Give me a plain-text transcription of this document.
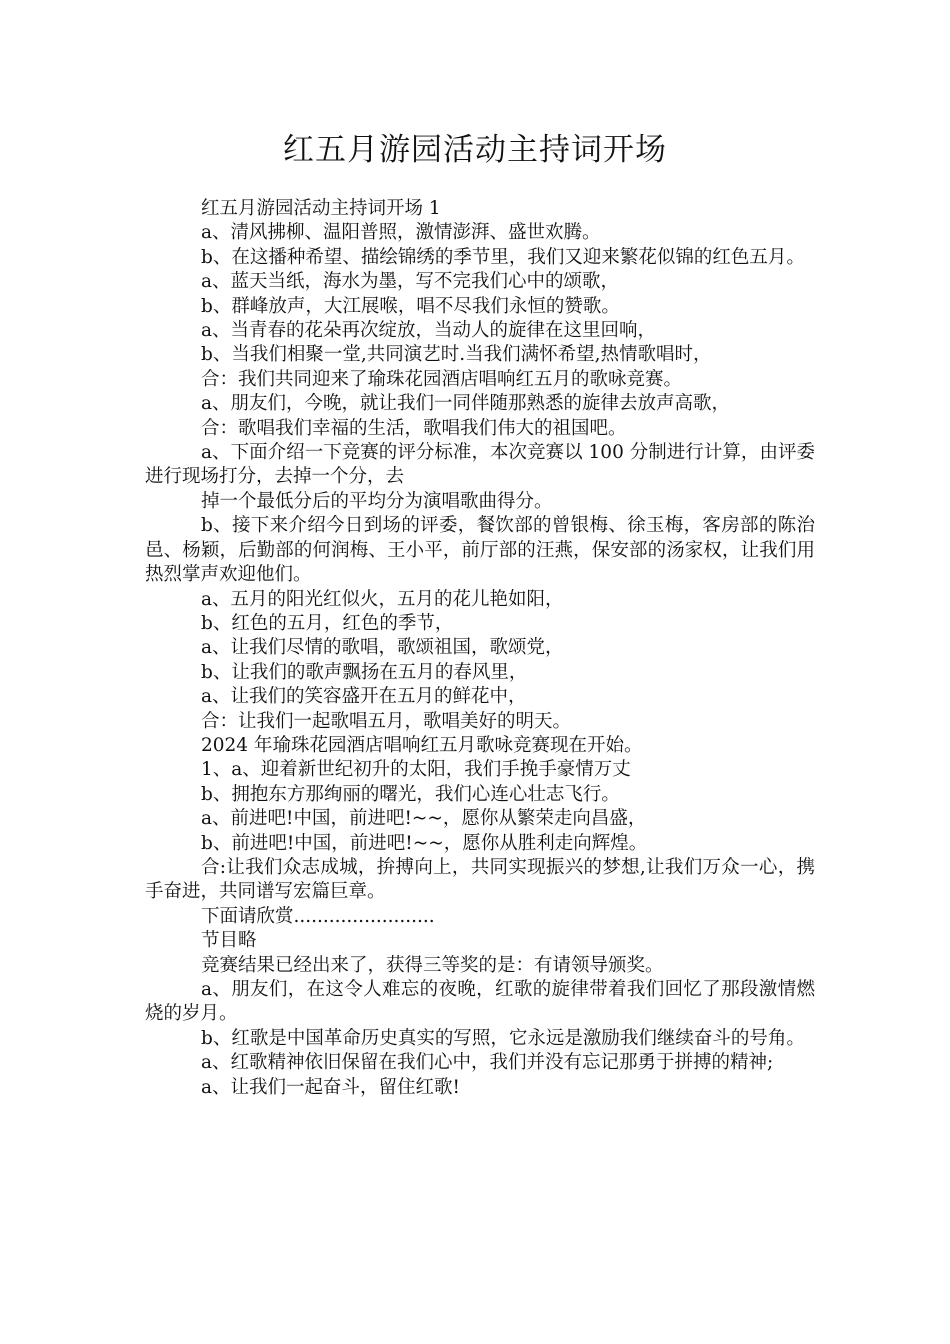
红五月游园活动主持词开场

红五月游园活动主持词开场 1

a、清风拂柳、温阳普照，激情澎湃、盛世欢腾。

b、在这播种希望、描绘锦绣的季节里，我们又迎来繁花似锦的红色五月。

a、蓝天当纸，海水为墨，写不完我们心中的颂歌，

b、群峰放声，大江展喉，唱不尽我们永恒的赞歌。

a、当青春的花朵再次绽放，当动人的旋律在这里回响，

b、当我们相聚一堂,共同演艺时.当我们满怀希望,热情歌唱时，

合：我们共同迎来了瑜珠花园酒店唱响红五月的歌咏竞赛。

a、朋友们，今晚，就让我们一同伴随那熟悉的旋律去放声高歌，

合：歌唱我们幸福的生活，歌唱我们伟大的祖国吧。

a、下面介绍一下竞赛的评分标准，本次竞赛以 100 分制进行计算，由评委进行现场打分，去掉一个分，去

掉一个最低分后的平均分为演唱歌曲得分。

b、接下来介绍今日到场的评委，餐饮部的曾银梅、徐玉梅，客房部的陈治邑、杨颖，后勤部的何润梅、王小平，前厅部的汪燕，保安部的汤家权，让我们用热烈掌声欢迎他们。

a、五月的阳光红似火，五月的花儿艳如阳，

b、红色的五月，红色的季节，

a、让我们尽情的歌唱，歌颂祖国，歌颂党，

b、让我们的歌声飘扬在五月的春风里，

a、让我们的笑容盛开在五月的鲜花中，

合：让我们一起歌唱五月，歌唱美好的明天。

2024 年瑜珠花园酒店唱响红五月歌咏竞赛现在开始。

1、a、迎着新世纪初升的太阳，我们手挽手豪情万丈

b、拥抱东方那绚丽的曙光，我们心连心壮志飞行。

a、前进吧!中国，前进吧!~~，愿你从繁荣走向昌盛，

b、前进吧!中国，前进吧!~~，愿你从胜利走向辉煌。

合:让我们众志成城，拚搏向上，共同实现振兴的梦想,让我们万众一心，携手奋进，共同谱写宏篇巨章。

下面请欣赏........................

节目略

竞赛结果已经出来了，获得三等奖的是：有请领导颁奖。

a、朋友们，在这令人难忘的夜晚，红歌的旋律带着我们回忆了那段激情燃烧的岁月。

b、红歌是中国革命历史真实的写照，它永远是激励我们继续奋斗的号角。

a、红歌精神依旧保留在我们心中，我们并没有忘记那勇于拼搏的精神;

a、让我们一起奋斗，留住红歌!
